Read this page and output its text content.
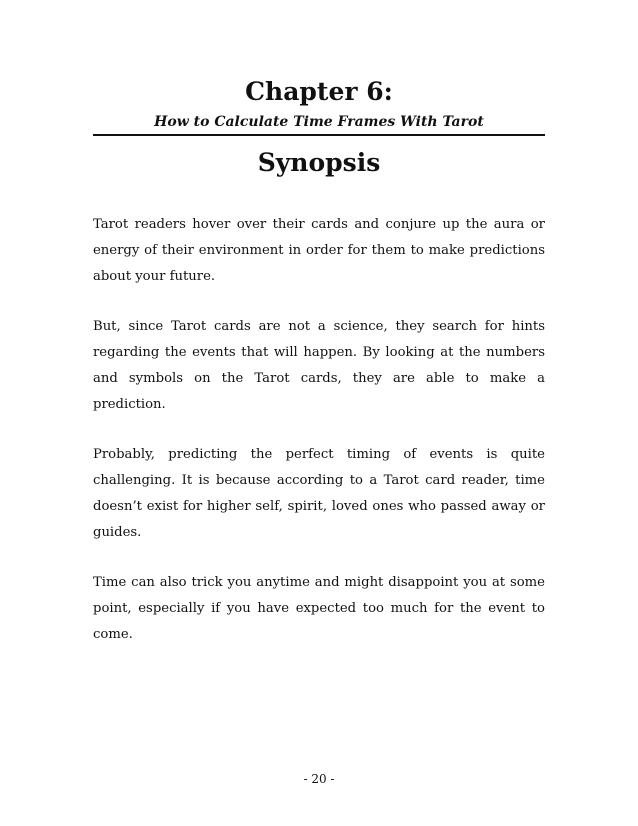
Chapter 6:
How to Calculate Time Frames With Tarot
Synopsis

Tarot readers hover over their cards and conjure up the aura or energy of their environment in order for them to make predictions about your future.

But, since Tarot cards are not a science, they search for hints regarding the events that will happen. By looking at the numbers and symbols on the Tarot cards, they are able to make a prediction.

Probably, predicting the perfect timing of events is quite challenging. It is because according to a Tarot card reader, time doesn’t exist for higher self, spirit, loved ones who passed away or guides.

Time can also trick you anytime and might disappoint you at some point, especially if you have expected too much for the event to come.

- 20 -
